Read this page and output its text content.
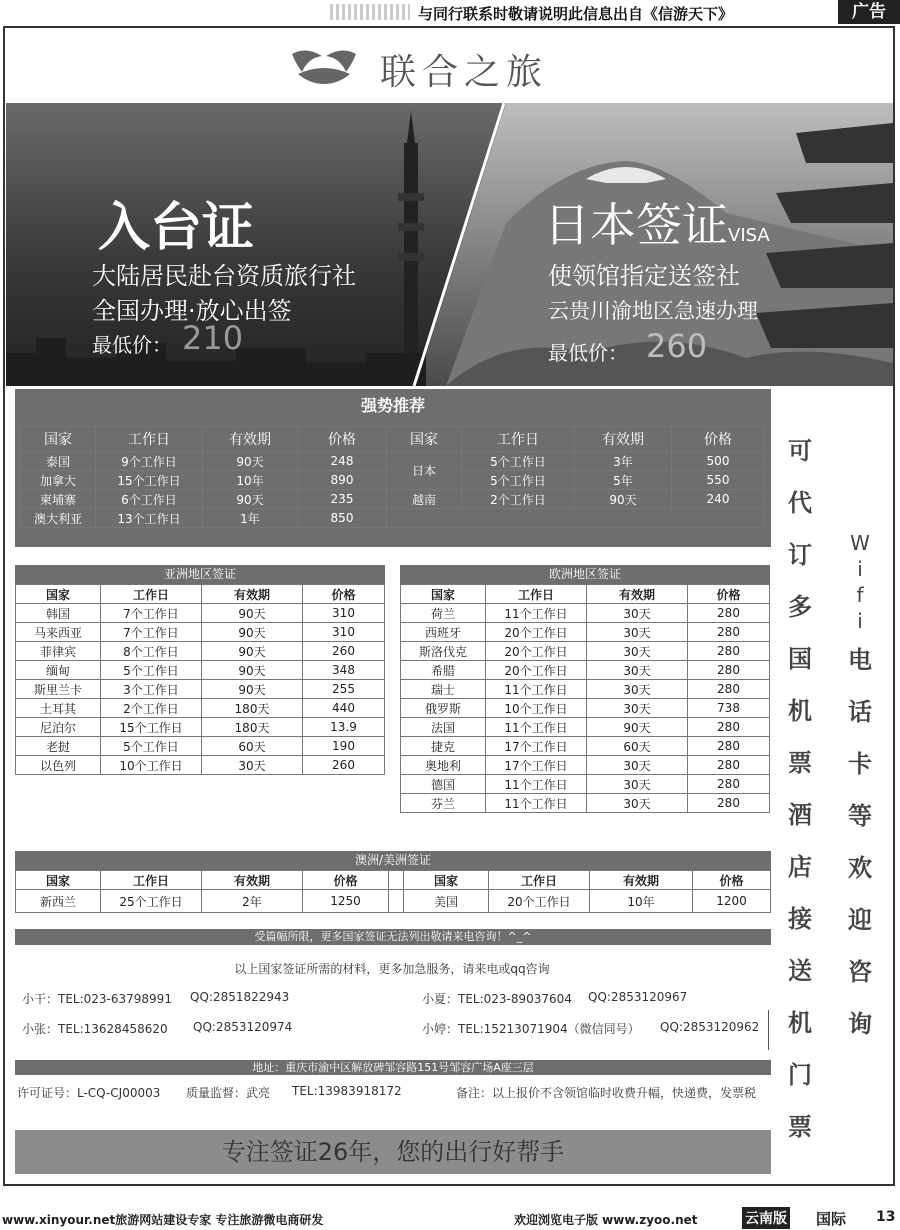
与同行联系时敬请说明此信息出自《信游天下》	广告
联合之旅
入台证
大陆居民赴台资质旅行社
全国办理·放心出签
最低价： 210
日本签证VISA
使领馆指定送签社
云贵川渝地区急速办理
最低价： 260
强势推荐
国家	工作日	有效期	价格	国家	工作日	有效期	价格
泰国	9个工作日	90天	248	日本	5个工作日	3年	500
加拿大	15个工作日	10年	890		5个工作日	5年	550
柬埔寨	6个工作日	90天	235	越南	2个工作日	90天	240
澳大利亚	13个工作日	1年	850				
亚洲地区签证
国家	工作日	有效期	价格
韩国	7个工作日	90天	310
马来西亚	7个工作日	90天	310
菲律宾	8个工作日	90天	260
缅甸	5个工作日	90天	348
斯里兰卡	3个工作日	90天	255
土耳其	2个工作日	180天	440
尼泊尔	15个工作日	180天	13.9
老挝	5个工作日	60天	190
以色列	10个工作日	30天	260
欧洲地区签证
国家	工作日	有效期	价格
荷兰	11个工作日	30天	280
西班牙	20个工作日	30天	280
斯洛伐克	20个工作日	30天	280
希腊	20个工作日	30天	280
瑞士	11个工作日	30天	280
俄罗斯	10个工作日	30天	738
法国	11个工作日	90天	280
捷克	17个工作日	60天	280
奥地利	17个工作日	30天	280
德国	11个工作日	30天	280
芬兰	11个工作日	30天	280
澳洲/美洲签证
国家	工作日	有效期	价格		国家	工作日	有效期	价格
新西兰	25个工作日	2年	1250		美国	20个工作日	10年	1200
受篇幅所限，更多国家签证无法列出敬请来电咨询！^_^
以上国家签证所需的材料，更多加急服务，请来电或qq咨询
小干：TEL:023-63798991 QQ:2851822943	小夏：TEL:023-89037604 QQ:2853120967
小张：TEL:13628458620 QQ:2853120974	小婷：TEL:15213071904（微信同号） QQ:2853120962
地址：重庆市渝中区解放碑邹容路151号邹容广场A座三层
许可证号：L-CQ-CJ00003 质量监督：武亮 TEL:13983918172	备注：以上报价不含领馆临时收费升幅，快递费，发票税
专注签证26年，您的出行好帮手
可
代
订
多
国
机
票
酒
店
接
送
机
门
票
W
i
f
i
电
话
卡
等
欢
迎
咨
询
www.xinyour.net旅游网站建设专家 专注旅游微电商研发	欢迎浏览电子版 www.zyoo.net	云南版 国际 13
